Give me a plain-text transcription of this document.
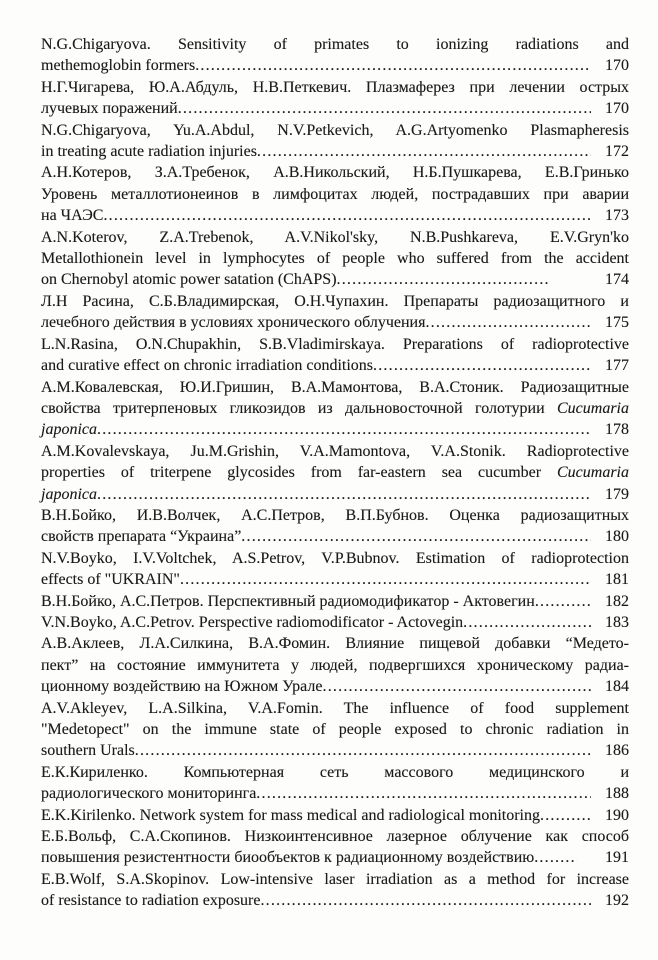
N.G.Chigaryova. Sensitivity of primates to ionizing radiations and
methemoglobin formers .....	170
Н.Г.Чигарева, Ю.А.Абдуль, Н.В.Петкевич. Плазмаферез при лечении острых
лучевых поражений .....	170
N.G.Chigaryova, Yu.A.Abdul, N.V.Petkevich, A.G.Artyomenko Plasmapheresis
in treating acute radiation injuries .....	172
А.Н.Котеров, З.А.Требенок, А.В.Никольский, Н.Б.Пушкарева, Е.В.Гринько
Уровень металлотионеинов в лимфоцитах людей, пострадавших при аварии
на ЧАЭС .....	173
A.N.Koterov, Z.A.Trebenok, A.V.Nikol'sky, N.B.Pushkareva, E.V.Gryn'ko
Metallothionein level in lymphocytes of people who suffered from the accident
on Chernobyl atomic power satation (ChAPS) .....	174
Л.Н Расина, С.Б.Владимирская, О.Н.Чупахин. Препараты радиозащитного и
лечебного действия в условиях хронического облучения .....	175
L.N.Rasina, O.N.Chupakhin, S.B.Vladimirskaya. Preparations of radioprotective
and curative effect on chronic irradiation conditions .....	177
А.М.Ковалевская, Ю.И.Гришин, В.А.Мамонтова, В.А.Стоник. Радиозащитные
свойства тритерпеновых гликозидов из дальновосточной голотурии Cucumaria
japonica .....	178
A.M.Kovalevskaya, Ju.M.Grishin, V.A.Mamontova, V.A.Stonik. Radioprotective
properties of triterpene glycosides from far-eastern sea cucumber Cucumaria
japonica .....	179
В.Н.Бойко, И.В.Волчек, А.С.Петров, В.П.Бубнов. Оценка радиозащитных
свойств препарата “Украина” .....	180
N.V.Boyko, I.V.Voltchek, A.S.Petrov, V.P.Bubnov. Estimation of radioprotection
effects of "UKRAIN" .....	181
В.Н.Бойко, А.С.Петров. Перспективный радиомодификатор - Актовегин .....	182
V.N.Boyko, A.C.Petrov. Perspective radiomodificator - Actovegin .....	183
А.В.Аклеев, Л.А.Силкина, В.А.Фомин. Влияние пищевой добавки “Медето-
пект” на состояние иммунитета у людей, подвергшихся хроническому радиа-
ционному воздействию на Южном Урале .....	184
A.V.Akleyev, L.A.Silkina, V.A.Fomin. The influence of food supplement
"Medetopect" on the immune state of people exposed to chronic radiation in
southern Urals .....	186
Е.К.Кириленко. Компьютерная сеть массового медицинского и
радиологического мониторинга .....	188
E.K.Kirilenko. Network system for mass medical and radiological monitoring .....	190
Е.Б.Вольф, С.А.Скопинов. Низкоинтенсивное лазерное облучение как способ
повышения резистентности биообъектов к радиационному воздействию .....	191
E.B.Wolf, S.A.Skopinov. Low-intensive laser irradiation as a method for increase
of resistance to radiation exposure .....	192
